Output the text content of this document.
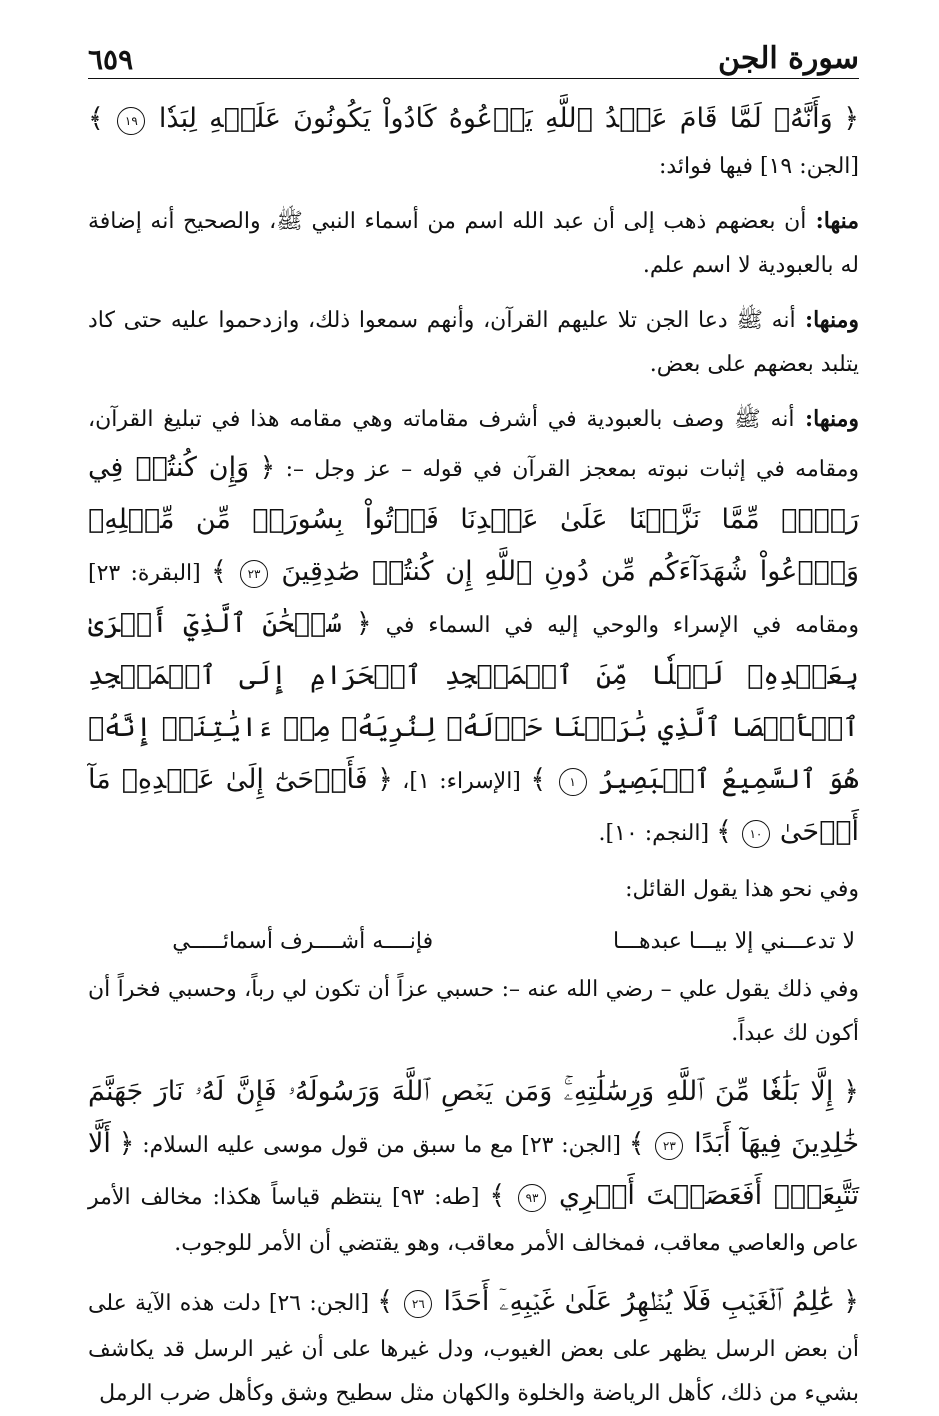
سورة الجن
٦٥٩

﴿ وَأَنَّهُۥ لَمَّا قَامَ عَبۡدُ ٱللَّهِ يَدۡعُوهُ كَادُواْ يَكُونُونَ عَلَيۡهِ لِبَدٗا ١٩ ﴾ [الجن: ١٩] فيها فوائد:

منها: أن بعضهم ذهب إلى أن عبد الله اسم من أسماء النبي ﷺ، والصحيح أنه إضافة له بالعبودية لا اسم علم.

ومنها: أنه ﷺ دعا الجن تلا عليهم القرآن، وأنهم سمعوا ذلك، وازدحموا عليه حتى كاد يتلبد بعضهم على بعض.

ومنها: أنه ﷺ وصف بالعبودية في أشرف مقاماته وهي مقامه هذا في تبليغ القرآن، ومقامه في إثبات نبوته بمعجز القرآن في قوله – عز وجل –: ﴿ وَإِن كُنتُمۡ فِي رَيۡبٖ مِّمَّا نَزَّلۡنَا عَلَىٰ عَبۡدِنَا فَأۡتُواْ بِسُورَةٖ مِّن مِّثۡلِهِۦ وَٱدۡعُواْ شُهَدَآءَكُم مِّن دُونِ ٱللَّهِ إِن كُنتُمۡ صَٰدِقِينَ ٢٣ ﴾ [البقرة: ٢٣] ومقامه في الإسراء والوحي إليه في السماء في ﴿ سُبۡحَٰنَ ٱلَّذِيٓ أَسۡرَىٰ بِعَبۡدِهِۦ لَيۡلٗا مِّنَ ٱلۡمَسۡجِدِ ٱلۡحَرَامِ إِلَى ٱلۡمَسۡجِدِ ٱلۡأَقۡصَا ٱلَّذِي بَٰرَكۡنَا حَوۡلَهُۥ لِنُرِيَهُۥ مِنۡ ءَايَٰتِنَآۚ إِنَّهُۥ هُوَ ٱلسَّمِيعُ ٱلۡبَصِيرُ ١ ﴾ [الإسراء: ١]، ﴿ فَأَوۡحَىٰٓ إِلَىٰ عَبۡدِهِۦ مَآ أَوۡحَىٰ ١٠ ﴾ [النجم: ١٠].

وفي نحو هذا يقول القائل:

لا تدعـــني إلا بيـــا عبدهـــا
فإنــــه أشــــرف أسمائـــــي

وفي ذلك يقول علي – رضي الله عنه –: حسبي عزاً أن تكون لي رباً، وحسبي فخراً أن أكون لك عبداً.

﴿ إِلَّا بَلَٰغٗا مِّنَ ٱللَّهِ وَرِسَٰلَٰتِهِۦۚ وَمَن يَعۡصِ ٱللَّهَ وَرَسُولَهُۥ فَإِنَّ لَهُۥ نَارَ جَهَنَّمَ خَٰلِدِينَ فِيهَآ أَبَدًا ٢٣ ﴾ [الجن: ٢٣] مع ما سبق من قول موسى عليه السلام: ﴿ أَلَّا تَتَّبِعَنِۖ أَفَعَصَيۡتَ أَمۡرِي ٩٣ ﴾ [طه: ٩٣] ينتظم قياساً هكذا: مخالف الأمر عاص والعاصي معاقب، فمخالف الأمر معاقب، وهو يقتضي أن الأمر للوجوب.

﴿ عَٰلِمُ ٱلۡغَيۡبِ فَلَا يُظۡهِرُ عَلَىٰ غَيۡبِهِۦٓ أَحَدًا ٢٦ ﴾ [الجن: ٢٦] دلت هذه الآية على أن بعض الرسل يظهر على بعض الغيوب، ودل غيرها على أن غير الرسل قد يكاشف بشيء من ذلك، كأهل الرياضة والخلوة والكهان مثل سطيح وشق وكأهل ضرب الرمل
